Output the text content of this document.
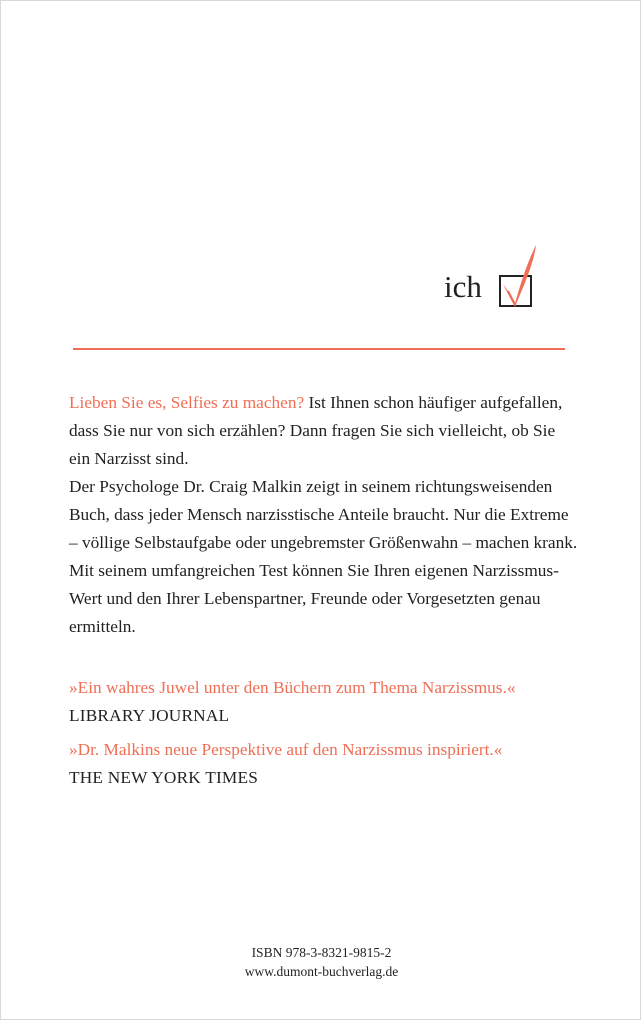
ich

Lieben Sie es, Selfies zu machen? Ist Ihnen schon häufiger aufgefallen, dass Sie nur von sich erzählen? Dann fragen Sie sich vielleicht, ob Sie ein Narzisst sind.

Der Psychologe Dr. Craig Malkin zeigt in seinem richtungsweisenden Buch, dass jeder Mensch narzisstische Anteile braucht. Nur die Extreme – völlige Selbstaufgabe oder ungebremster Größenwahn – machen krank. Mit seinem umfangreichen Test können Sie Ihren eigenen Narzissmus-Wert und den Ihrer Lebenspartner, Freunde oder Vorgesetzten genau ermitteln.

»Ein wahres Juwel unter den Büchern zum Thema Narzissmus.«
LIBRARY JOURNAL
»Dr. Malkins neue Perspektive auf den Narzissmus inspiriert.«
THE NEW YORK TIMES
ISBN 978-3-8321-9815-2
www.dumont-buchverlag.de
